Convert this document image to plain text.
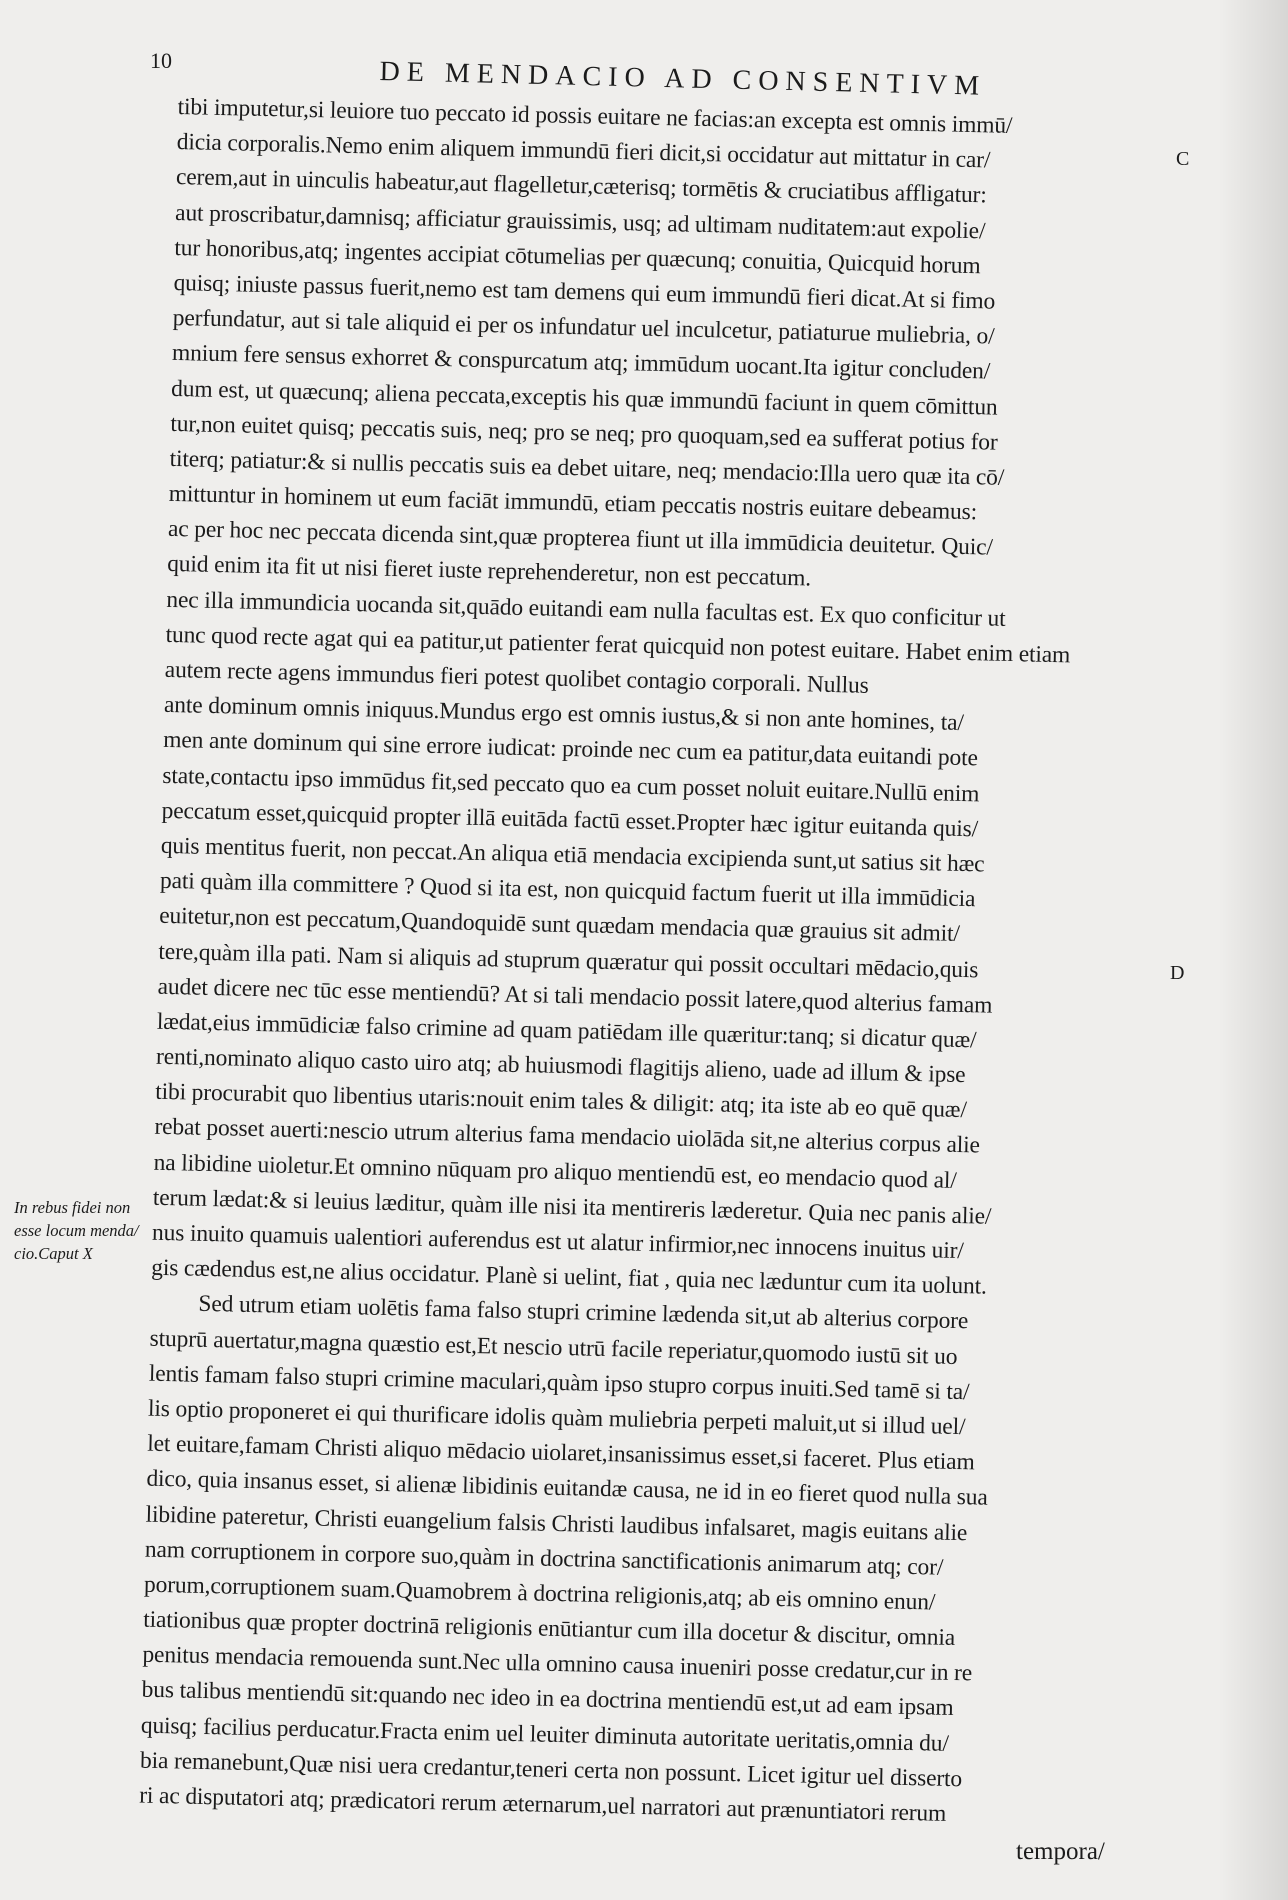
10	DE MENDACIO AD CONSENTIVM
C
D
In rebus fidei non
esse locum menda/
cio.Caput X
tibi imputetur,si leuiore tuo peccato id possis euitare ne facias:an excepta est omnis immū/
dicia corporalis.Nemo enim aliquem immundū fieri dicit,si occidatur aut mittatur in car/
cerem,aut in uinculis habeatur,aut flagelletur,cæterisq; tormētis & cruciatibus affligatur:
aut proscribatur,damnisq; afficiatur grauissimis, usq; ad ultimam nuditatem:aut expolie/
tur honoribus,atq; ingentes accipiat cōtumelias per quæcunq; conuitia, Quicquid horum
quisq; iniuste passus fuerit,nemo est tam demens qui eum immundū fieri dicat.At si fimo
perfundatur, aut si tale aliquid ei per os infundatur uel inculcetur, patiaturue muliebria, o/
mnium fere sensus exhorret & conspurcatum atq; immūdum uocant.Ita igitur concluden/
dum est, ut quæcunq; aliena peccata,exceptis his quæ immundū faciunt in quem cōmittun
tur,non euitet quisq; peccatis suis, neq; pro se neq; pro quoquam,sed ea sufferat potius for
titerq; patiatur:& si nullis peccatis suis ea debet uitare, neq; mendacio:Illa uero quæ ita cō/
mittuntur in hominem ut eum faciāt immundū, etiam peccatis nostris euitare debeamus:
ac per hoc nec peccata dicenda sint,quæ propterea fiunt ut illa immūdicia deuitetur. Quic/
quid enim ita fit ut nisi fieret iuste reprehenderetur, non est peccatum.
nec illa immundicia uocanda sit,quādo euitandi eam nulla facultas est. Ex quo conficitur ut
tunc quod recte agat qui ea patitur,ut patienter ferat quicquid non potest euitare. Habet enim etiam
autem recte agens immundus fieri potest quolibet contagio corporali. Nullus
ante dominum omnis iniquus.Mundus ergo est omnis iustus,& si non ante homines, ta/
men ante dominum qui sine errore iudicat: proinde nec cum ea patitur,data euitandi pote
state,contactu ipso immūdus fit,sed peccato quo ea cum posset noluit euitare.Nullū enim
peccatum esset,quicquid propter illā euitāda factū esset.Propter hæc igitur euitanda quis/
quis mentitus fuerit, non peccat.An aliqua etiā mendacia excipienda sunt,ut satius sit hæc
pati quàm illa committere ? Quod si ita est, non quicquid factum fuerit ut illa immūdicia
euitetur,non est peccatum,Quandoquidē sunt quædam mendacia quæ grauius sit admit/
tere,quàm illa pati. Nam si aliquis ad stuprum quæratur qui possit occultari mēdacio,quis
audet dicere nec tūc esse mentiendū? At si tali mendacio possit latere,quod alterius famam
lædat,eius immūdiciæ falso crimine ad quam patiēdam ille quæritur:tanq; si dicatur quæ/
renti,nominato aliquo casto uiro atq; ab huiusmodi flagitijs alieno, uade ad illum & ipse
tibi procurabit quo libentius utaris:nouit enim tales & diligit: atq; ita iste ab eo quē quæ/
rebat posset auerti:nescio utrum alterius fama mendacio uiolāda sit,ne alterius corpus alie
na libidine uioletur.Et omnino nūquam pro aliquo mentiendū est, eo mendacio quod al/
terum lædat:& si leuius læditur, quàm ille nisi ita mentireris læderetur. Quia nec panis alie/
nus inuito quamuis ualentiori auferendus est ut alatur infirmior,nec innocens inuitus uir/
gis cædendus est,ne alius occidatur. Planè si uelint, fiat , quia nec læduntur cum ita uolunt.
Sed utrum etiam uolētis fama falso stupri crimine lædenda sit,ut ab alterius corpore
stuprū auertatur,magna quæstio est,Et nescio utrū facile reperiatur,quomodo iustū sit uo
lentis famam falso stupri crimine maculari,quàm ipso stupro corpus inuiti.Sed tamē si ta/
lis optio proponeret ei qui thurificare idolis quàm muliebria perpeti maluit,ut si illud uel/
let euitare,famam Christi aliquo mēdacio uiolaret,insanissimus esset,si faceret. Plus etiam
dico, quia insanus esset, si alienæ libidinis euitandæ causa, ne id in eo fieret quod nulla sua
libidine pateretur, Christi euangelium falsis Christi laudibus infalsaret, magis euitans alie
nam corruptionem in corpore suo,quàm in doctrina sanctificationis animarum atq; cor/
porum,corruptionem suam.Quamobrem à doctrina religionis,atq; ab eis omnino enun/
tiationibus quæ propter doctrinā religionis enūtiantur cum illa docetur & discitur, omnia
penitus mendacia remouenda sunt.Nec ulla omnino causa inueniri posse credatur,cur in re
bus talibus mentiendū sit:quando nec ideo in ea doctrina mentiendū est,ut ad eam ipsam
quisq; facilius perducatur.Fracta enim uel leuiter diminuta autoritate ueritatis,omnia du/
bia remanebunt,Quæ nisi uera credantur,teneri certa non possunt. Licet igitur uel disserto
ri ac disputatori atq; prædicatori rerum æternarum,uel narratori aut prænuntiatori rerum
tempora/
